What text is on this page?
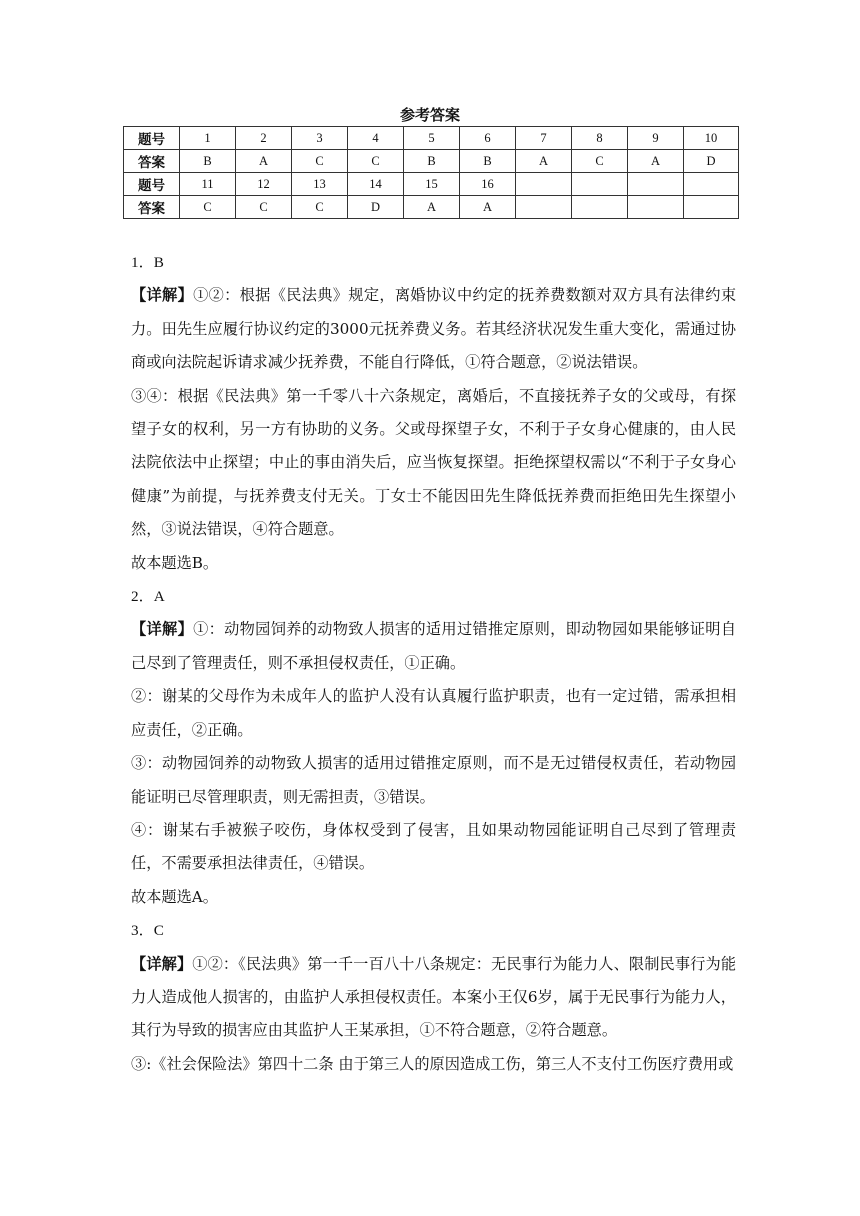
参考答案
题号	1	2	3	4	5	6	7	8	9	10
答案	B	A	C	C	B	B	A	C	A	D
题号	11	12	13	14	15	16				
答案	C	C	C	D	A	A				

1．B

【详解】①②：根据《民法典》规定，离婚协议中约定的抚养费数额对双方具有法律约束力。田先生应履行协议约定的3000元抚养费义务。若其经济状况发生重大变化，需通过协商或向法院起诉请求减少抚养费，不能自行降低，①符合题意，②说法错误。

③④：根据《民法典》第一千零八十六条规定，离婚后，不直接抚养子女的父或母，有探望子女的权利，另一方有协助的义务。父或母探望子女，不利于子女身心健康的，由人民法院依法中止探望；中止的事由消失后，应当恢复探望。拒绝探望权需以“不利于子女身心健康”为前提，与抚养费支付无关。丁女士不能因田先生降低抚养费而拒绝田先生探望小然，③说法错误，④符合题意。

故本题选B。

2．A

【详解】①：动物园饲养的动物致人损害的适用过错推定原则，即动物园如果能够证明自己尽到了管理责任，则不承担侵权责任，①正确。

②：谢某的父母作为未成年人的监护人没有认真履行监护职责，也有一定过错，需承担相应责任，②正确。

③：动物园饲养的动物致人损害的适用过错推定原则，而不是无过错侵权责任，若动物园能证明已尽管理职责，则无需担责，③错误。

④：谢某右手被猴子咬伤，身体权受到了侵害，且如果动物园能证明自己尽到了管理责任，不需要承担法律责任，④错误。

故本题选A。

3．C

【详解】①②：《民法典》第一千一百八十八条规定：无民事行为能力人、限制民事行为能力人造成他人损害的，由监护人承担侵权责任。本案小王仅6岁，属于无民事行为能力人，其行为导致的损害应由其监护人王某承担，①不符合题意，②符合题意。

③:《社会保险法》第四十二条 由于第三人的原因造成工伤，第三人不支付工伤医疗费用或
